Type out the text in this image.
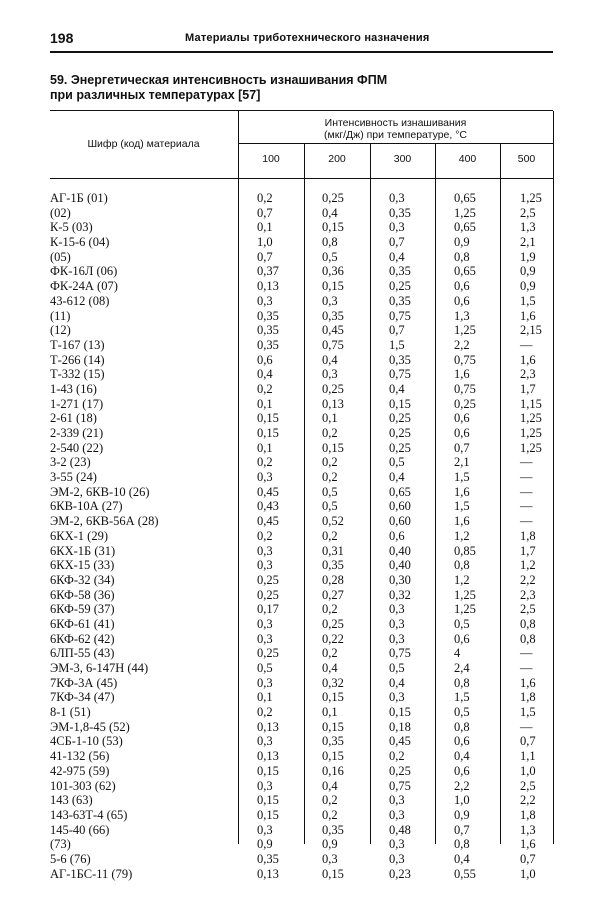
198	Материалы триботехнического назначения
59. Энергетическая интенсивность изнашивания ФПМ
при различных температурах [57]
Шифр (код) материала
Интенсивность изнашивания
(мкг/Дж) при температуре, °С
100	200	300	400	500
АГ-1Б (01)	0,2	0,25	0,3	0,65	1,25
(02)	0,7	0,4	0,35	1,25	2,5
К-5 (03)	0,1	0,15	0,3	0,65	1,3
К-15-6 (04)	1,0	0,8	0,7	0,9	2,1
(05)	0,7	0,5	0,4	0,8	1,9
ФК-16Л (06)	0,37	0,36	0,35	0,65	0,9
ФК-24А (07)	0,13	0,15	0,25	0,6	0,9
43-612 (08)	0,3	0,3	0,35	0,6	1,5
(11)	0,35	0,35	0,75	1,3	1,6
(12)	0,35	0,45	0,7	1,25	2,15
Т-167 (13)	0,35	0,75	1,5	2,2	—
Т-266 (14)	0,6	0,4	0,35	0,75	1,6
Т-332 (15)	0,4	0,3	0,75	1,6	2,3
1-43 (16)	0,2	0,25	0,4	0,75	1,7
1-271 (17)	0,1	0,13	0,15	0,25	1,15
2-61 (18)	0,15	0,1	0,25	0,6	1,25
2-339 (21)	0,15	0,2	0,25	0,6	1,25
2-540 (22)	0,1	0,15	0,25	0,7	1,25
3-2 (23)	0,2	0,2	0,5	2,1	—
3-55 (24)	0,3	0,2	0,4	1,5	—
ЭМ-2, 6КВ-10 (26)	0,45	0,5	0,65	1,6	—
6КВ-10А (27)	0,43	0,5	0,60	1,5	—
ЭМ-2, 6КВ-56А (28)	0,45	0,52	0,60	1,6	—
6КХ-1 (29)	0,2	0,2	0,6	1,2	1,8
6КХ-1Б (31)	0,3	0,31	0,40	0,85	1,7
6КХ-15 (33)	0,3	0,35	0,40	0,8	1,2
6КФ-32 (34)	0,25	0,28	0,30	1,2	2,2
6КФ-58 (36)	0,25	0,27	0,32	1,25	2,3
6КФ-59 (37)	0,17	0,2	0,3	1,25	2,5
6КФ-61 (41)	0,3	0,25	0,3	0,5	0,8
6КФ-62 (42)	0,3	0,22	0,3	0,6	0,8
6ЛП-55 (43)	0,25	0,2	0,75	4	—
ЭМ-3, 6-147Н (44)	0,5	0,4	0,5	2,4	—
7КФ-3А (45)	0,3	0,32	0,4	0,8	1,6
7КФ-34 (47)	0,1	0,15	0,3	1,5	1,8
8-1 (51)	0,2	0,1	0,15	0,5	1,5
ЭМ-1,8-45 (52)	0,13	0,15	0,18	0,8	—
4СБ-1-10 (53)	0,3	0,35	0,45	0,6	0,7
41-132 (56)	0,13	0,15	0,2	0,4	1,1
42-975 (59)	0,15	0,16	0,25	0,6	1,0
101-303 (62)	0,3	0,4	0,75	2,2	2,5
143 (63)	0,15	0,2	0,3	1,0	2,2
143-63Т-4 (65)	0,15	0,2	0,3	0,9	1,8
145-40 (66)	0,3	0,35	0,48	0,7	1,3
(73)	0,9	0,9	0,3	0,8	1,6
5-6 (76)	0,35	0,3	0,3	0,4	0,7
АГ-1БС-11 (79)	0,13	0,15	0,23	0,55	1,0
